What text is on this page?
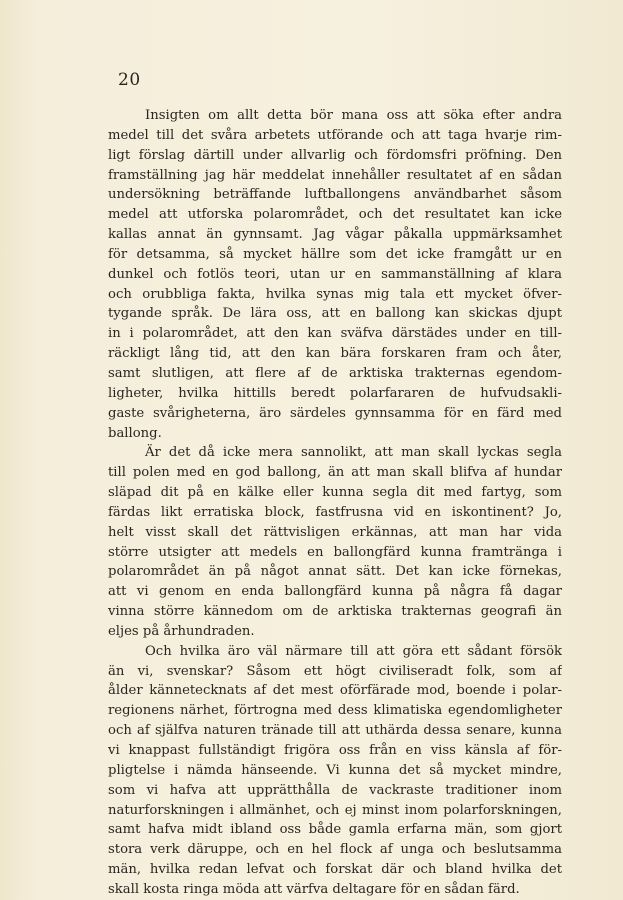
20
Insigten om allt detta bör mana oss att söka efter andra
medel till det svåra arbetets utförande och att taga hvarje rim-
ligt förslag därtill under allvarlig och fördomsfri pröfning. Den
framställning jag här meddelat innehåller resultatet af en sådan
undersökning beträffande luftballongens användbarhet såsom
medel att utforska polarområdet, och det resultatet kan icke
kallas annat än gynnsamt. Jag vågar påkalla uppmärksamhet
för detsamma, så mycket hällre som det icke framgått ur en
dunkel och fotlös teori, utan ur en sammanställning af klara
och orubbliga fakta, hvilka synas mig tala ett mycket öfver-
tygande språk. De lära oss, att en ballong kan skickas djupt
in i polarområdet, att den kan sväfva därstädes under en till-
räckligt lång tid, att den kan bära forskaren fram och åter,
samt slutligen, att flere af de arktiska trakternas egendom-
ligheter, hvilka hittills beredt polarfararen de hufvudsakli-
gaste svårigheterna, äro särdeles gynnsamma för en färd med
ballong.
Är det då icke mera sannolikt, att man skall lyckas segla
till polen med en god ballong, än att man skall blifva af hundar
släpad dit på en kälke eller kunna segla dit med fartyg, som
färdas likt erratiska block, fastfrusna vid en iskontinent? Jo,
helt visst skall det rättvisligen erkännas, att man har vida
större utsigter att medels en ballongfärd kunna framtränga i
polarområdet än på något annat sätt. Det kan icke förnekas,
att vi genom en enda ballongfärd kunna på några få dagar
vinna större kännedom om de arktiska trakternas geografi än
eljes på århundraden.
Och hvilka äro väl närmare till att göra ett sådant försök
än vi, svenskar? Såsom ett högt civiliseradt folk, som af
ålder kännetecknats af det mest oförfärade mod, boende i polar-
regionens närhet, förtrogna med dess klimatiska egendomligheter
och af själfva naturen tränade till att uthärda dessa senare, kunna
vi knappast fullständigt frigöra oss från en viss känsla af för-
pligtelse i nämda hänseende. Vi kunna det så mycket mindre,
som vi hafva att upprätthålla de vackraste traditioner inom
naturforskningen i allmänhet, och ej minst inom polarforskningen,
samt hafva midt ibland oss både gamla erfarna män, som gjort
stora verk däruppe, och en hel flock af unga och beslutsamma
män, hvilka redan lefvat och forskat där och bland hvilka det
skall kosta ringa möda att värfva deltagare för en sådan färd.
